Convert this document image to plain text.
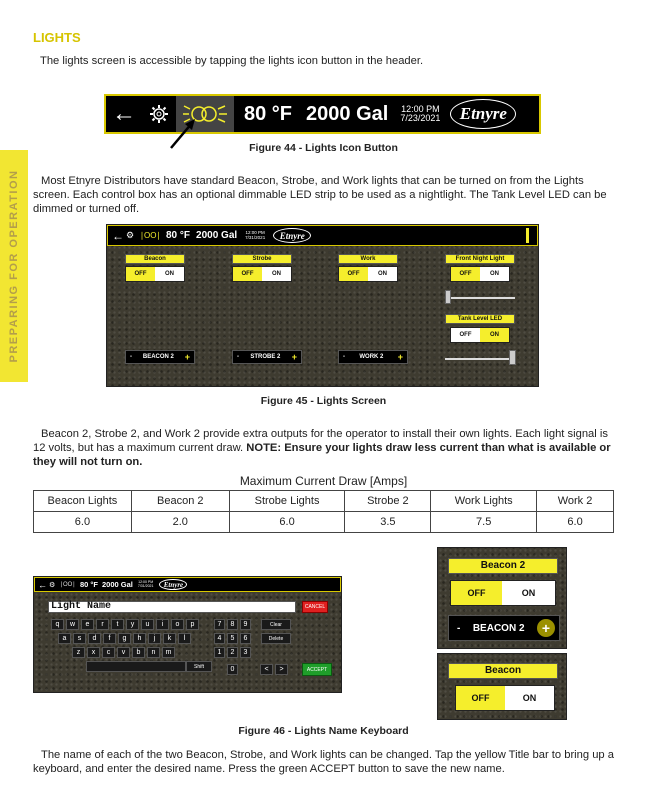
PREPARING FOR OPERATION
LIGHTS
The lights screen is accessible by tapping the lights icon button in the header.
←	80 °F 2000 Gal 12:00 PM
7/23/2021	Etnyre
Figure 44 - Lights Icon Button
Most Etnyre Distributors have standard Beacon, Strobe, and Work lights that can be turned on from the Lights screen. Each control box has an optional dimmable LED strip to be used as a nightlight. The Tank Level LED can be dimmed or turned off.
← ⚙ ∣OO∣ 80 °F 2000 Gal 12:00 PM
7/31/2021	Etnyre
Beacon
OFF	ON
Strobe
OFF	ON
Work
OFF	ON
Front Night Light
OFF	ON
Tank Level LED
OFF	ON
- BEACON 2 +	- STROBE 2 +	- WORK 2 +
Figure 45 - Lights Screen
Beacon 2, Strobe 2, and Work 2 provide extra outputs for the operator to install their own lights. Each light signal is 12 volts, but has a maximum current draw. NOTE: Ensure your lights draw less current than what is available or they will not turn on.
Maximum Current Draw [Amps]
Beacon Lights	Beacon 2	Strobe Lights	Strobe 2	Work Lights	Work 2
6.0	2.0	6.0	3.5	7.5	6.0
← ⚙ ∣OO∣ 80 °F 2000 Gal 12:00 PM
7/31/2021	Etnyre
Light Name	CANCEL
q	w	e	r	t	y	u	i	o	p
a	s	d	f	g	h	j	k	l
z	x	c	v	b	n	m
Shift
7	8	9
4	5	6
1	2	3
0
Clear
Delete
<	>	ACCEPT
Beacon 2
OFF	ON
- BEACON 2	+
Beacon
OFF	ON
Figure 46 - Lights Name Keyboard
The name of each of the two Beacon, Strobe, and Work lights can be changed. Tap the yellow Title bar to bring up a keyboard, and enter the desired name. Press the green ACCEPT button to save the new name.
